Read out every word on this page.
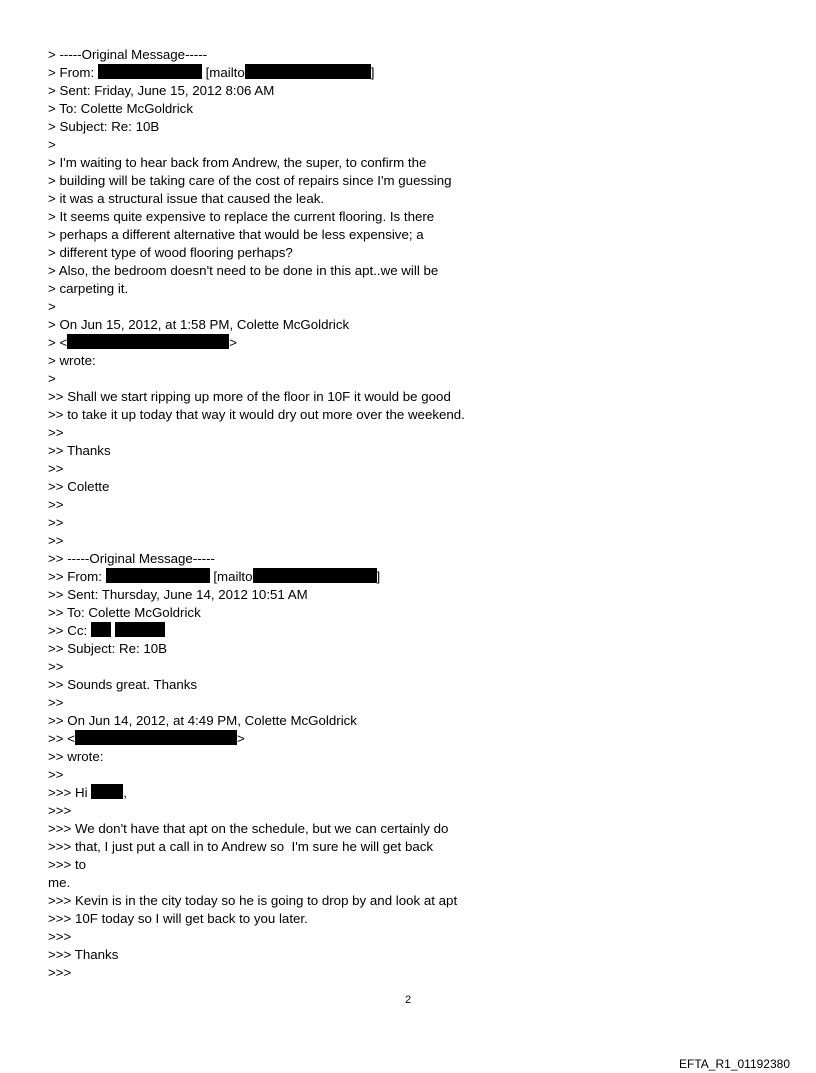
> -----Original Message-----
> From:	[mailto	]
> Sent: Friday, June 15, 2012 8:06 AM
> To: Colette McGoldrick
> Subject: Re: 10B
>
> I'm waiting to hear back from Andrew, the super, to confirm the
> building will be taking care of the cost of repairs since I'm guessing
> it was a structural issue that caused the leak.
> It seems quite expensive to replace the current flooring. Is there
> perhaps a different alternative that would be less expensive; a
> different type of wood flooring perhaps?
> Also, the bedroom doesn't need to be done in this apt..we will be
> carpeting it.
>
> On Jun 15, 2012, at 1:58 PM, Colette McGoldrick
> <	>
> wrote:
>
>> Shall we start ripping up more of the floor in 10F it would be good
>> to take it up today that way it would dry out more over the weekend.
>>
>> Thanks
>>
>> Colette
>>
>>
>>
>> -----Original Message-----
>> From:	[mailto	]
>> Sent: Thursday, June 14, 2012 10:51 AM
>> To: Colette McGoldrick
>> Cc:
>> Subject: Re: 10B
>>
>> Sounds great. Thanks
>>
>> On Jun 14, 2012, at 4:49 PM, Colette McGoldrick
>> <	>
>> wrote:
>>
>>> Hi	,
>>>
>>> We don't have that apt on the schedule, but we can certainly do
>>> that, I just put a call in to Andrew so  I'm sure he will get back
>>> to
me.
>>> Kevin is in the city today so he is going to drop by and look at apt
>>> 10F today so I will get back to you later.
>>>
>>> Thanks
>>>
2
EFTA_R1_01192380
